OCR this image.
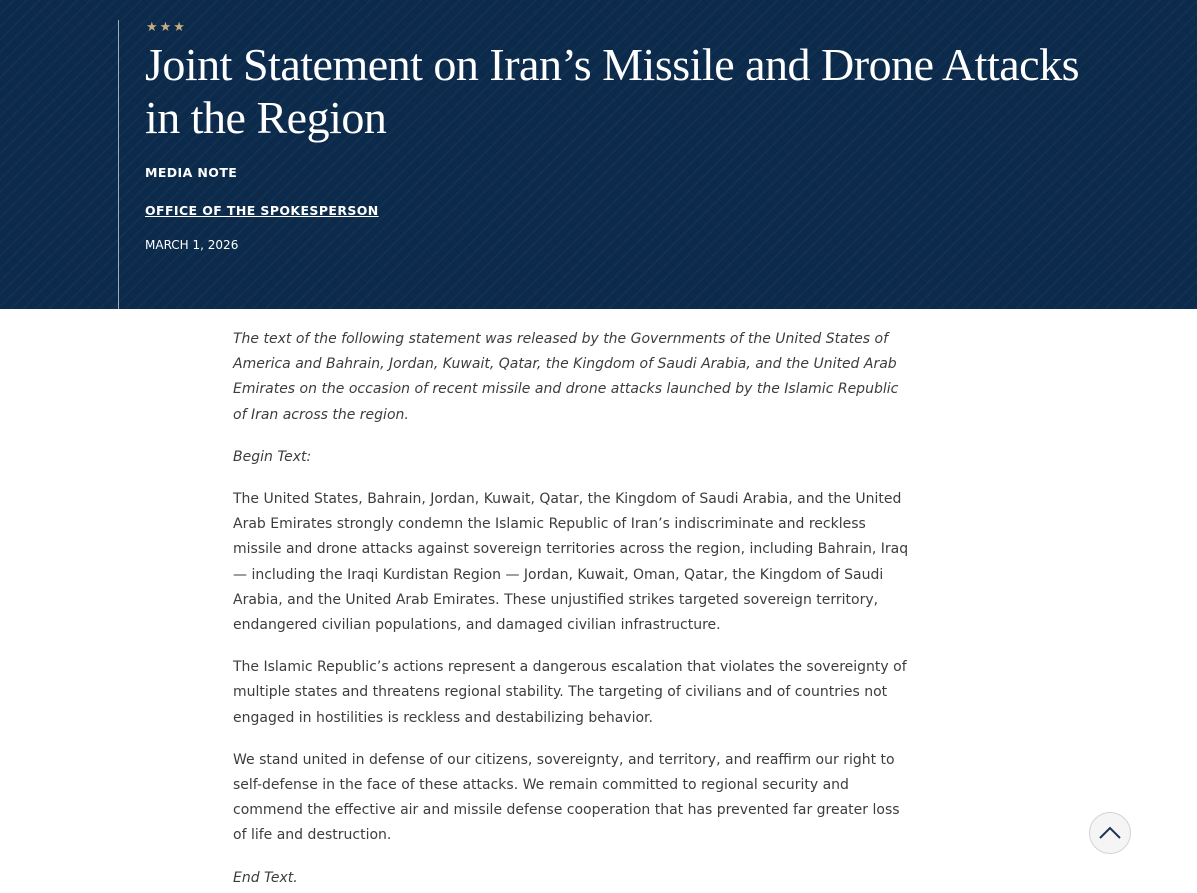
★★★
Joint Statement on Iran’s Missile and Drone Attacks in the Region
MEDIA NOTE
OFFICE OF THE SPOKESPERSON
MARCH 1, 2026

The text of the following statement was released by the Governments of the United States of America and Bahrain, Jordan, Kuwait, Qatar, the Kingdom of Saudi Arabia, and the United Arab Emirates on the occasion of recent missile and drone attacks launched by the Islamic Republic of Iran across the region.

Begin Text:

The United States, Bahrain, Jordan, Kuwait, Qatar, the Kingdom of Saudi Arabia, and the United Arab Emirates strongly condemn the Islamic Republic of Iran’s indiscriminate and reckless missile and drone attacks against sovereign territories across the region, including Bahrain, Iraq — including the Iraqi Kurdistan Region — Jordan, Kuwait, Oman, Qatar, the Kingdom of Saudi Arabia, and the United Arab Emirates. These unjustified strikes targeted sovereign territory, endangered civilian populations, and damaged civilian infrastructure.

The Islamic Republic’s actions represent a dangerous escalation that violates the sovereignty of multiple states and threatens regional stability. The targeting of civilians and of countries not engaged in hostilities is reckless and destabilizing behavior.

We stand united in defense of our citizens, sovereignty, and territory, and reaffirm our right to self-defense in the face of these attacks. We remain committed to regional security and commend the effective air and missile defense cooperation that has prevented far greater loss of life and destruction.

End Text.
